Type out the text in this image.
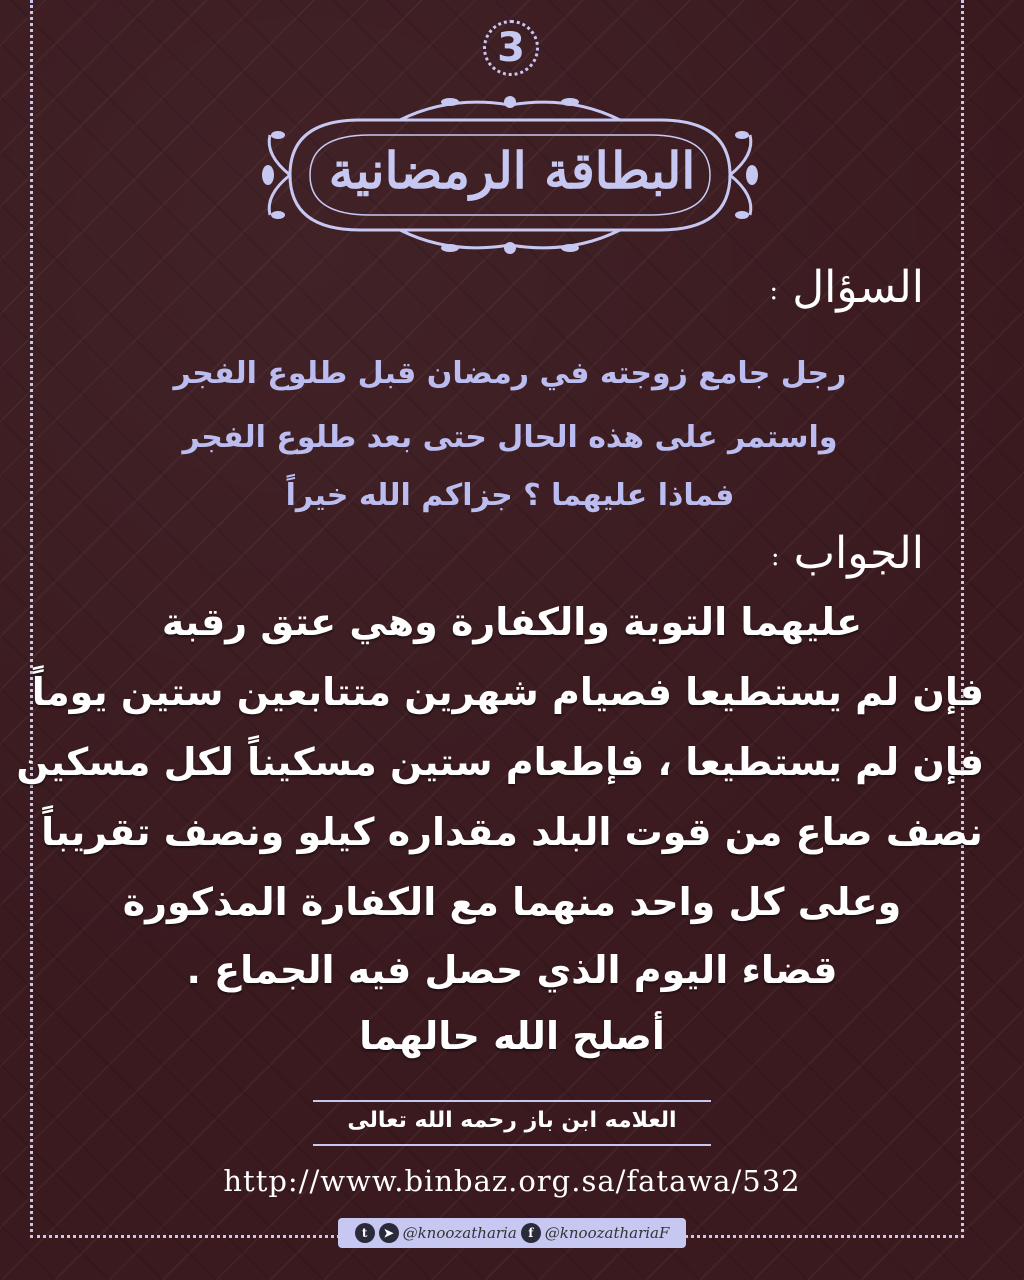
3
البطاقة الرمضانية
السؤال:
رجل جامع زوجته في رمضان قبل طلوع الفجر
واستمر على هذه الحال حتى بعد طلوع الفجر
فماذا عليهما ؟ جزاكم الله خيراً
الجواب:
عليهما التوبة والكفارة وهي عتق رقبة
فإن لم يستطيعا فصيام شهرين متتابعين ستين يوماً
فإن لم يستطيعا ، فإطعام ستين مسكيناً لكل مسكين
نصف صاع من قوت البلد مقداره كيلو ونصف تقريباً
وعلى كل واحد منهما مع الكفارة المذكورة
قضاء اليوم الذي حصل فيه الجماع .
أصلح الله حالهما
العلامه ابن باز رحمه الله تعالى
http://www.binbaz.org.sa/fatawa/532
t	➤ @knoozatharia f @knoozathariaF
